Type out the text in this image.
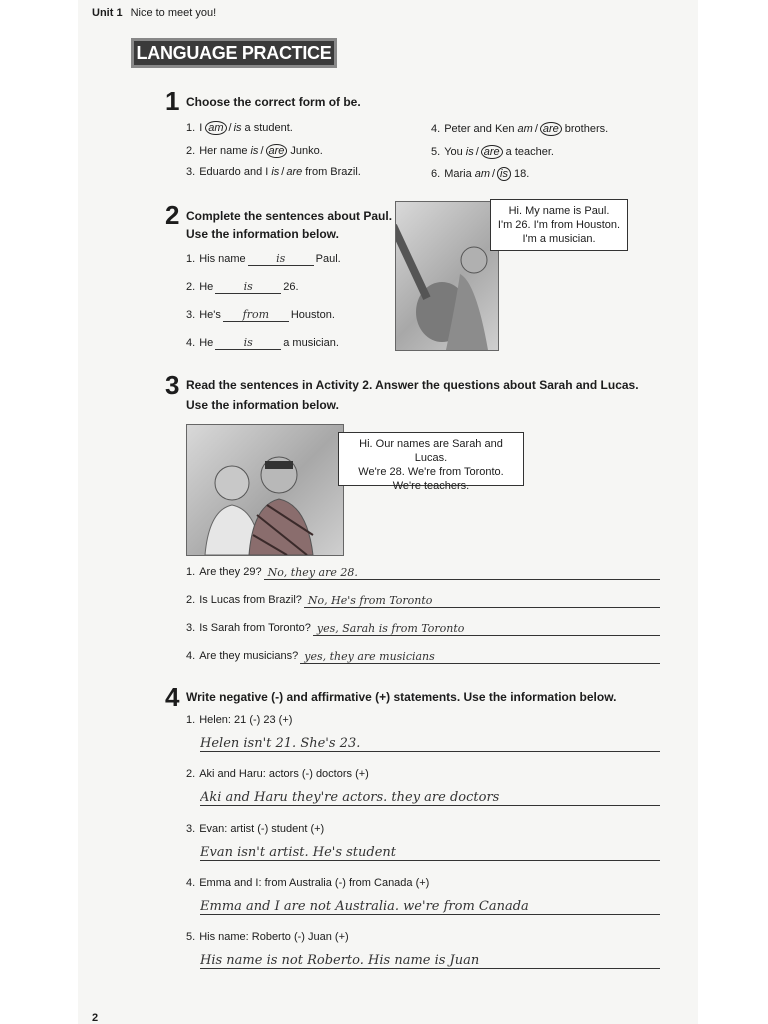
Unit 1 Nice to meet you!
LANGUAGE PRACTICE
1 Choose the correct form of be.
1. I am / is a student.
2. Her name is / are Junko.
3. Eduardo and I is / are from Brazil.
4. Peter and Ken am / are brothers.
5. You is / are a teacher.
6. Maria am / is 18.
2 Complete the sentences about Paul.
Use the information below.
1. His name	is	Paul.
2. He	is	26.
3. He's from Houston.
4. He	is	a musician.
Hi. My name is Paul.
I'm 26. I'm from Houston.
I'm a musician.
3 Read the sentences in Activity 2. Answer the questions about Sarah and Lucas.
Use the information below.
Hi. Our names are Sarah and Lucas.
We're 28. We're from Toronto.
We're teachers.
1. Are they 29? No, they are 28.
2. Is Lucas from Brazil? No, He's from Toronto
3. Is Sarah from Toronto? yes, Sarah is from Toronto
4. Are they musicians? yes, they are musicians
4 Write negative (-) and affirmative (+) statements. Use the information below.
1. Helen: 21 (-) 23 (+)
Helen isn't 21. She's 23.
2. Aki and Haru: actors (-) doctors (+)
Aki and Haru they're actors. they are doctors
3. Evan: artist (-) student (+)
Evan isn't artist. He's student
4. Emma and I: from Australia (-) from Canada (+)
Emma and I are not Australia. we're from Canada
5. His name: Roberto (-) Juan (+)
His name is not Roberto. His name is Juan
2
